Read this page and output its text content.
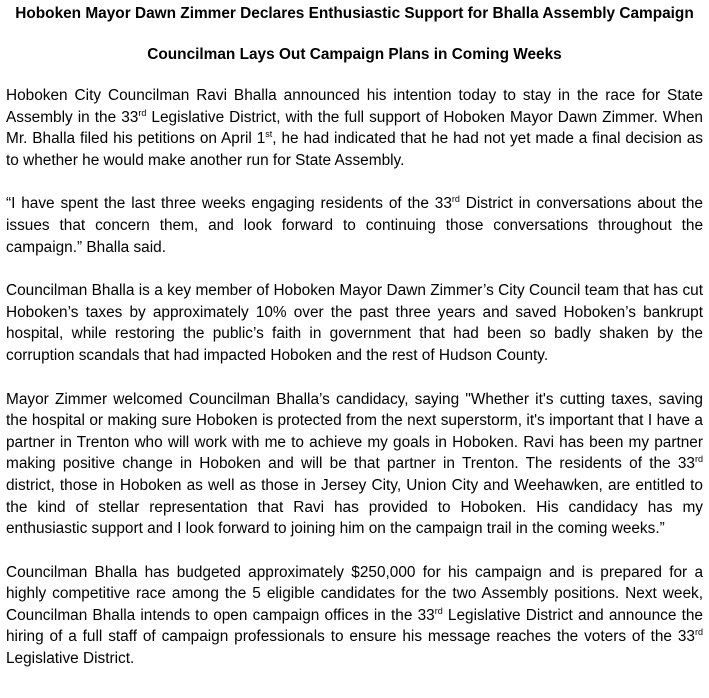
Hoboken Mayor Dawn Zimmer Declares Enthusiastic Support for Bhalla Assembly Campaign
Councilman Lays Out Campaign Plans in Coming Weeks

Hoboken City Councilman Ravi Bhalla announced his intention today to stay in the race for State Assembly in the 33rd Legislative District, with the full support of Hoboken Mayor Dawn Zimmer. When Mr. Bhalla filed his petitions on April 1st, he had indicated that he had not yet made a final decision as to whether he would make another run for State Assembly.

“I have spent the last three weeks engaging residents of the 33rd District in conversations about the issues that concern them, and look forward to continuing those conversations throughout the campaign.” Bhalla said.

Councilman Bhalla is a key member of Hoboken Mayor Dawn Zimmer’s City Council team that has cut Hoboken’s taxes by approximately 10% over the past three years and saved Hoboken’s bankrupt hospital, while restoring the public’s faith in government that had been so badly shaken by the corruption scandals that had impacted Hoboken and the rest of Hudson County.

Mayor Zimmer welcomed Councilman Bhalla’s candidacy, saying "Whether it's cutting taxes, saving the hospital or making sure Hoboken is protected from the next superstorm, it's important that I have a partner in Trenton who will work with me to achieve my goals in Hoboken. Ravi has been my partner making positive change in Hoboken and will be that partner in Trenton. The residents of the 33rd district, those in Hoboken as well as those in Jersey City, Union City and Weehawken, are entitled to the kind of stellar representation that Ravi has provided to Hoboken. His candidacy has my enthusiastic support and I look forward to joining him on the campaign trail in the coming weeks.”

Councilman Bhalla has budgeted approximately $250,000 for his campaign and is prepared for a highly competitive race among the 5 eligible candidates for the two Assembly positions. Next week, Councilman Bhalla intends to open campaign offices in the 33rd Legislative District and announce the hiring of a full staff of campaign professionals to ensure his message reaches the voters of the 33rd Legislative District.
